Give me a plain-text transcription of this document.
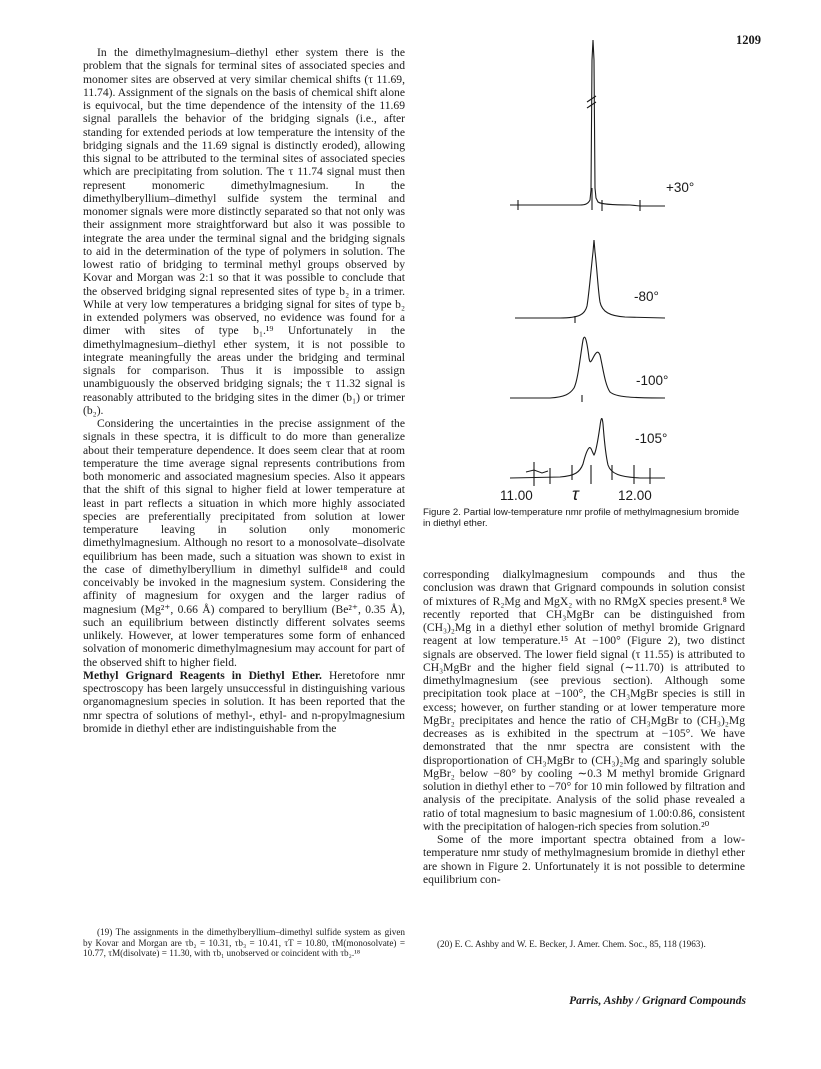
1209

In the dimethylmagnesium–diethyl ether system there is the problem that the signals for terminal sites of associated species and monomer sites are observed at very similar chemical shifts (τ 11.69, 11.74). Assignment of the signals on the basis of chemical shift alone is equivocal, but the time dependence of the intensity of the 11.69 signal parallels the behavior of the bridging signals (i.e., after standing for extended periods at low temperature the intensity of the bridging signals and the 11.69 signal is distinctly eroded), allowing this signal to be attributed to the terminal sites of associated species which are precipitating from solution. The τ 11.74 signal must then represent monomeric dimethylmagnesium. In the dimethylberyllium–dimethyl sulfide system the terminal and monomer signals were more distinctly separated so that not only was their assignment more straightforward but also it was possible to integrate the area under the terminal signal and the bridging signals to aid in the determination of the type of polymers in solution. The lowest ratio of bridging to terminal methyl groups observed by Kovar and Morgan was 2:1 so that it was possible to conclude that the observed bridging signal represented sites of type b₂ in a trimer. While at very low temperatures a bridging signal for sites of type b₂ in extended polymers was observed, no evidence was found for a dimer with sites of type b₁.¹⁹ Unfortunately in the dimethylmagnesium–diethyl ether system, it is not possible to integrate meaningfully the areas under the bridging and terminal signals for comparison. Thus it is impossible to assign unambiguously the observed bridging signals; the τ 11.32 signal is reasonably attributed to the bridging sites in the dimer (b₁) or trimer (b₂).

Considering the uncertainties in the precise assignment of the signals in these spectra, it is difficult to do more than generalize about their temperature dependence. It does seem clear that at room temperature the time average signal represents contributions from both monomeric and associated magnesium species. Also it appears that the shift of this signal to higher field at lower temperature at least in part reflects a situation in which more highly associated species are preferentially precipitated from solution at lower temperature leaving in solution only monomeric dimethylmagnesium. Although no resort to a monosolvate–disolvate equilibrium has been made, such a situation was shown to exist in the case of dimethylberyllium in dimethyl sulfide¹⁸ and could conceivably be invoked in the magnesium system. Considering the affinity of magnesium for oxygen and the larger radius of magnesium (Mg²⁺, 0.66 Å) compared to beryllium (Be²⁺, 0.35 Å), such an equilibrium between distinctly different solvates seems unlikely. However, at lower temperatures some form of enhanced solvation of monomeric dimethylmagnesium may account for part of the observed shift to higher field.

Methyl Grignard Reagents in Diethyl Ether. Heretofore nmr spectroscopy has been largely unsuccessful in distinguishing various organomagnesium species in solution. It has been reported that the nmr spectra of solutions of methyl-, ethyl- and n-propylmagnesium bromide in diethyl ether are indistinguishable from the

(19) The assignments in the dimethylberyllium–dimethyl sulfide system as given by Kovar and Morgan are τb₂ = 10.31, τb₃ = 10.41, τT = 10.80, τM(monosolvate) = 10.77, τM(disolvate) = 11.30, with τb₁ unobserved or coincident with τb₂.¹⁸
+30°
-80°
-100°
-105°
11.00 τ	12.00
Figure 2. Partial low-temperature nmr profile of methylmagnesium bromide in diethyl ether.

corresponding dialkylmagnesium compounds and thus the conclusion was drawn that Grignard compounds in solution consist of mixtures of R₂Mg and MgX₂ with no RMgX species present.⁸ We recently reported that CH₃MgBr can be distinguished from (CH₃)₂Mg in a diethyl ether solution of methyl bromide Grignard reagent at low temperature.¹⁵ At −100° (Figure 2), two distinct signals are observed. The lower field signal (τ 11.55) is attributed to CH₃MgBr and the higher field signal (∼11.70) is attributed to dimethylmagnesium (see previous section). Although some precipitation took place at −100°, the CH₃MgBr species is still in excess; however, on further standing or at lower temperature more MgBr₂ precipitates and hence the ratio of CH₃MgBr to (CH₃)₂Mg decreases as is exhibited in the spectrum at −105°. We have demonstrated that the nmr spectra are consistent with the disproportionation of CH₃MgBr to (CH₃)₂Mg and sparingly soluble MgBr₂ below −80° by cooling ∼0.3 M methyl bromide Grignard solution in diethyl ether to −70° for 10 min followed by filtration and analysis of the precipitate. Analysis of the solid phase revealed a ratio of total magnesium to basic magnesium of 1.00:0.86, consistent with the precipitation of halogen-rich species from solution.²⁰

Some of the more important spectra obtained from a low-temperature nmr study of methylmagnesium bromide in diethyl ether are shown in Figure 2. Unfortunately it is not possible to determine equilibrium con-

(20) E. C. Ashby and W. E. Becker, J. Amer. Chem. Soc., 85, 118 (1963).
Parris, Ashby / Grignard Compounds
